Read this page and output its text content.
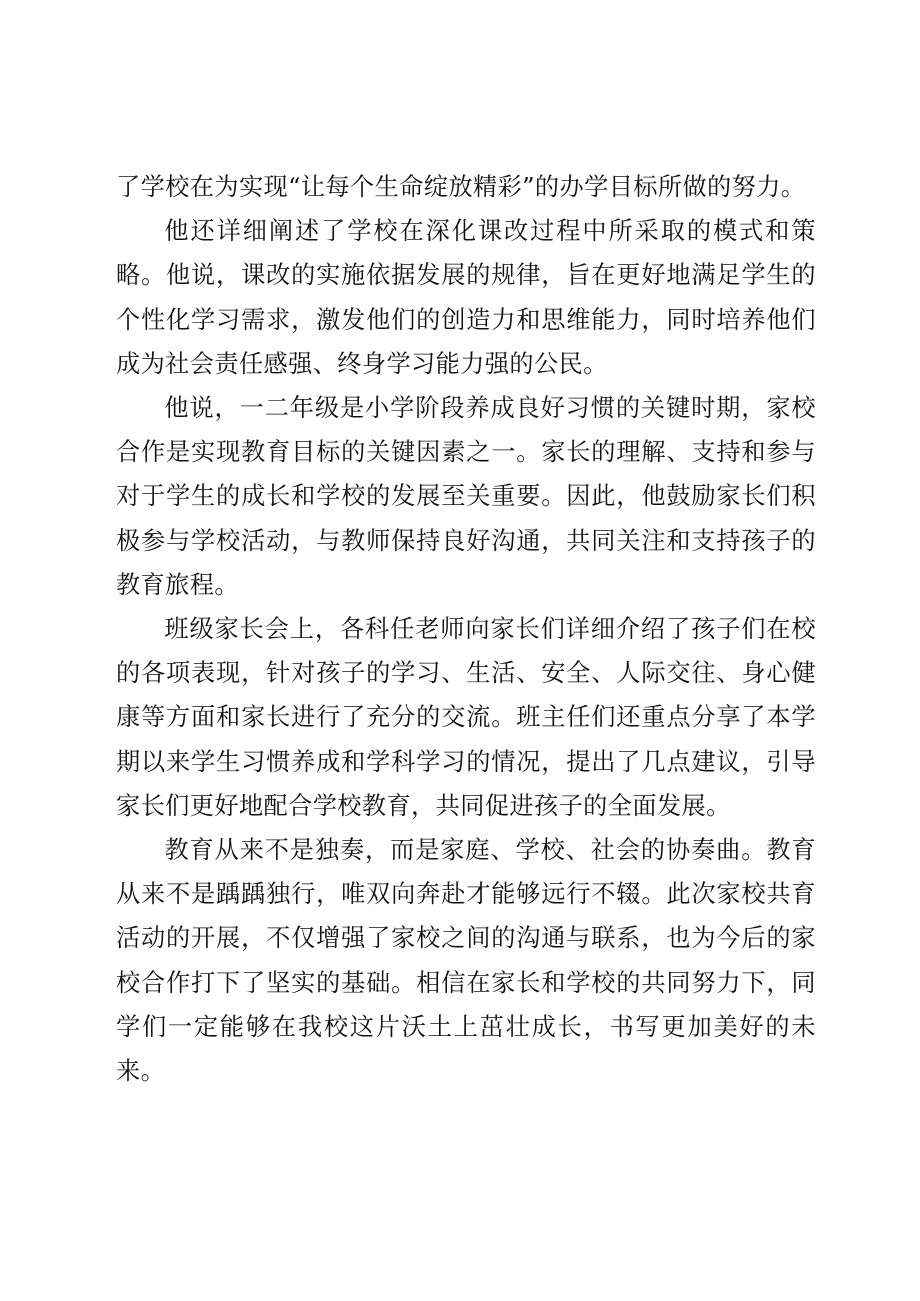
了学校在为实现“让每个生命绽放精彩”的办学目标所做的努力。

他还详细阐述了学校在深化课改过程中所采取的模式和策略。他说，课改的实施依据发展的规律，旨在更好地满足学生的个性化学习需求，激发他们的创造力和思维能力，同时培养他们成为社会责任感强、终身学习能力强的公民。

他说，一二年级是小学阶段养成良好习惯的关键时期，家校合作是实现教育目标的关键因素之一。家长的理解、支持和参与对于学生的成长和学校的发展至关重要。因此，他鼓励家长们积极参与学校活动，与教师保持良好沟通，共同关注和支持孩子的教育旅程。

班级家长会上，各科任老师向家长们详细介绍了孩子们在校的各项表现，针对孩子的学习、生活、安全、人际交往、身心健康等方面和家长进行了充分的交流。班主任们还重点分享了本学期以来学生习惯养成和学科学习的情况，提出了几点建议，引导家长们更好地配合学校教育，共同促进孩子的全面发展。

教育从来不是独奏，而是家庭、学校、社会的协奏曲。教育从来不是踽踽独行，唯双向奔赴才能够远行不辍。此次家校共育活动的开展，不仅增强了家校之间的沟通与联系，也为今后的家校合作打下了坚实的基础。相信在家长和学校的共同努力下，同学们一定能够在我校这片沃土上茁壮成长，书写更加美好的未来。
